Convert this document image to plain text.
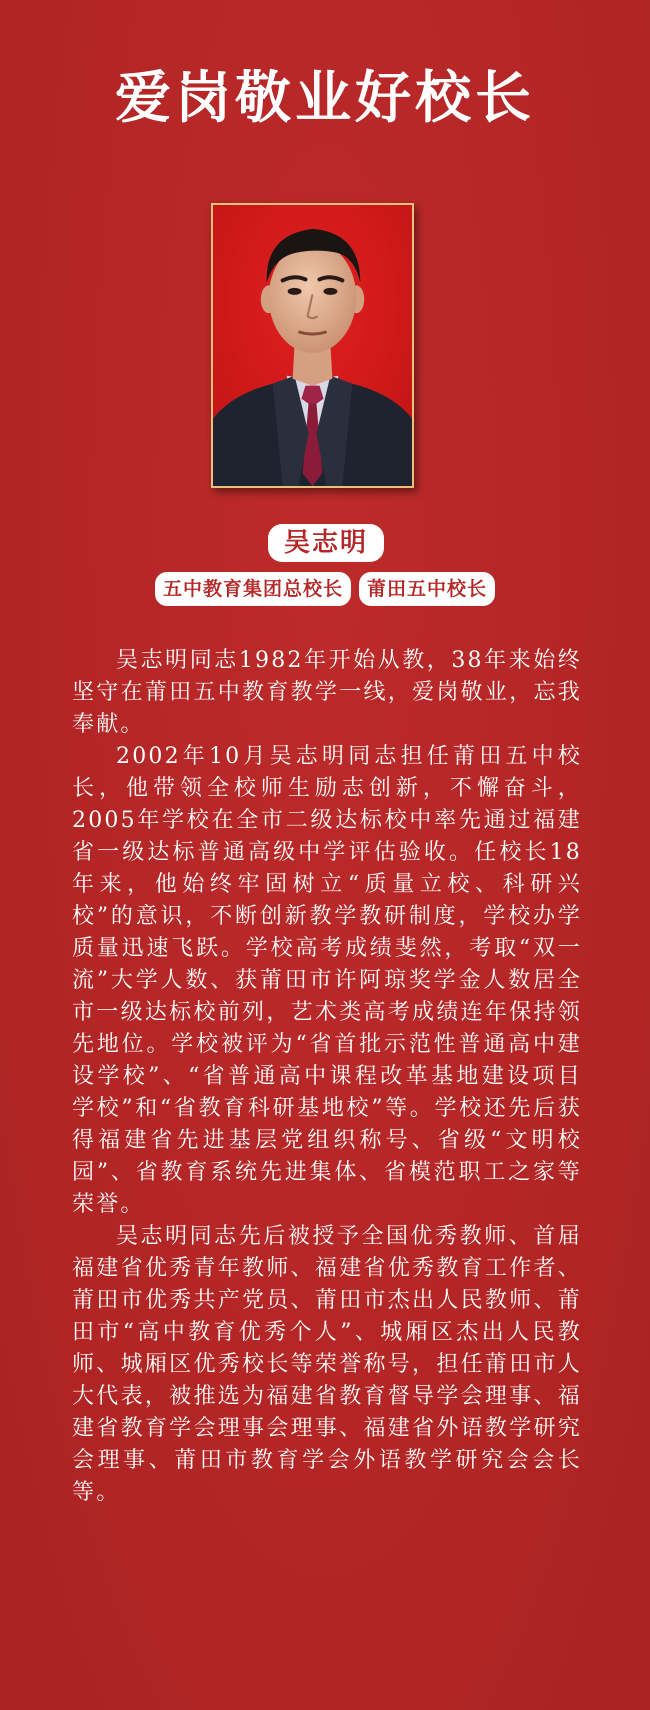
爱岗敬业好校长
吴志明
五中教育集团总校长 莆田五中校长

吴志明同志1982年开始从教，38年来始终坚守在莆田五中教育教学一线，爱岗敬业，忘我奉献。

2002年10月吴志明同志担任莆田五中校长，他带领全校师生励志创新，不懈奋斗，2005年学校在全市二级达标校中率先通过福建省一级达标普通高级中学评估验收。任校长18年来，他始终牢固树立“质量立校、科研兴校”的意识，不断创新教学教研制度，学校办学质量迅速飞跃。学校高考成绩斐然，考取“双一流”大学人数、获莆田市许阿琼奖学金人数居全市一级达标校前列，艺术类高考成绩连年保持领先地位。学校被评为“省首批示范性普通高中建设学校”、“省普通高中课程改革基地建设项目学校”和“省教育科研基地校”等。学校还先后获得福建省先进基层党组织称号、省级“文明校园”、省教育系统先进集体、省模范职工之家等荣誉。

吴志明同志先后被授予全国优秀教师、首届福建省优秀青年教师、福建省优秀教育工作者、莆田市优秀共产党员、莆田市杰出人民教师、莆田市“高中教育优秀个人”、城厢区杰出人民教师、城厢区优秀校长等荣誉称号，担任莆田市人大代表，被推选为福建省教育督导学会理事、福建省教育学会理事会理事、福建省外语教学研究会理事、莆田市教育学会外语教学研究会会长等。
